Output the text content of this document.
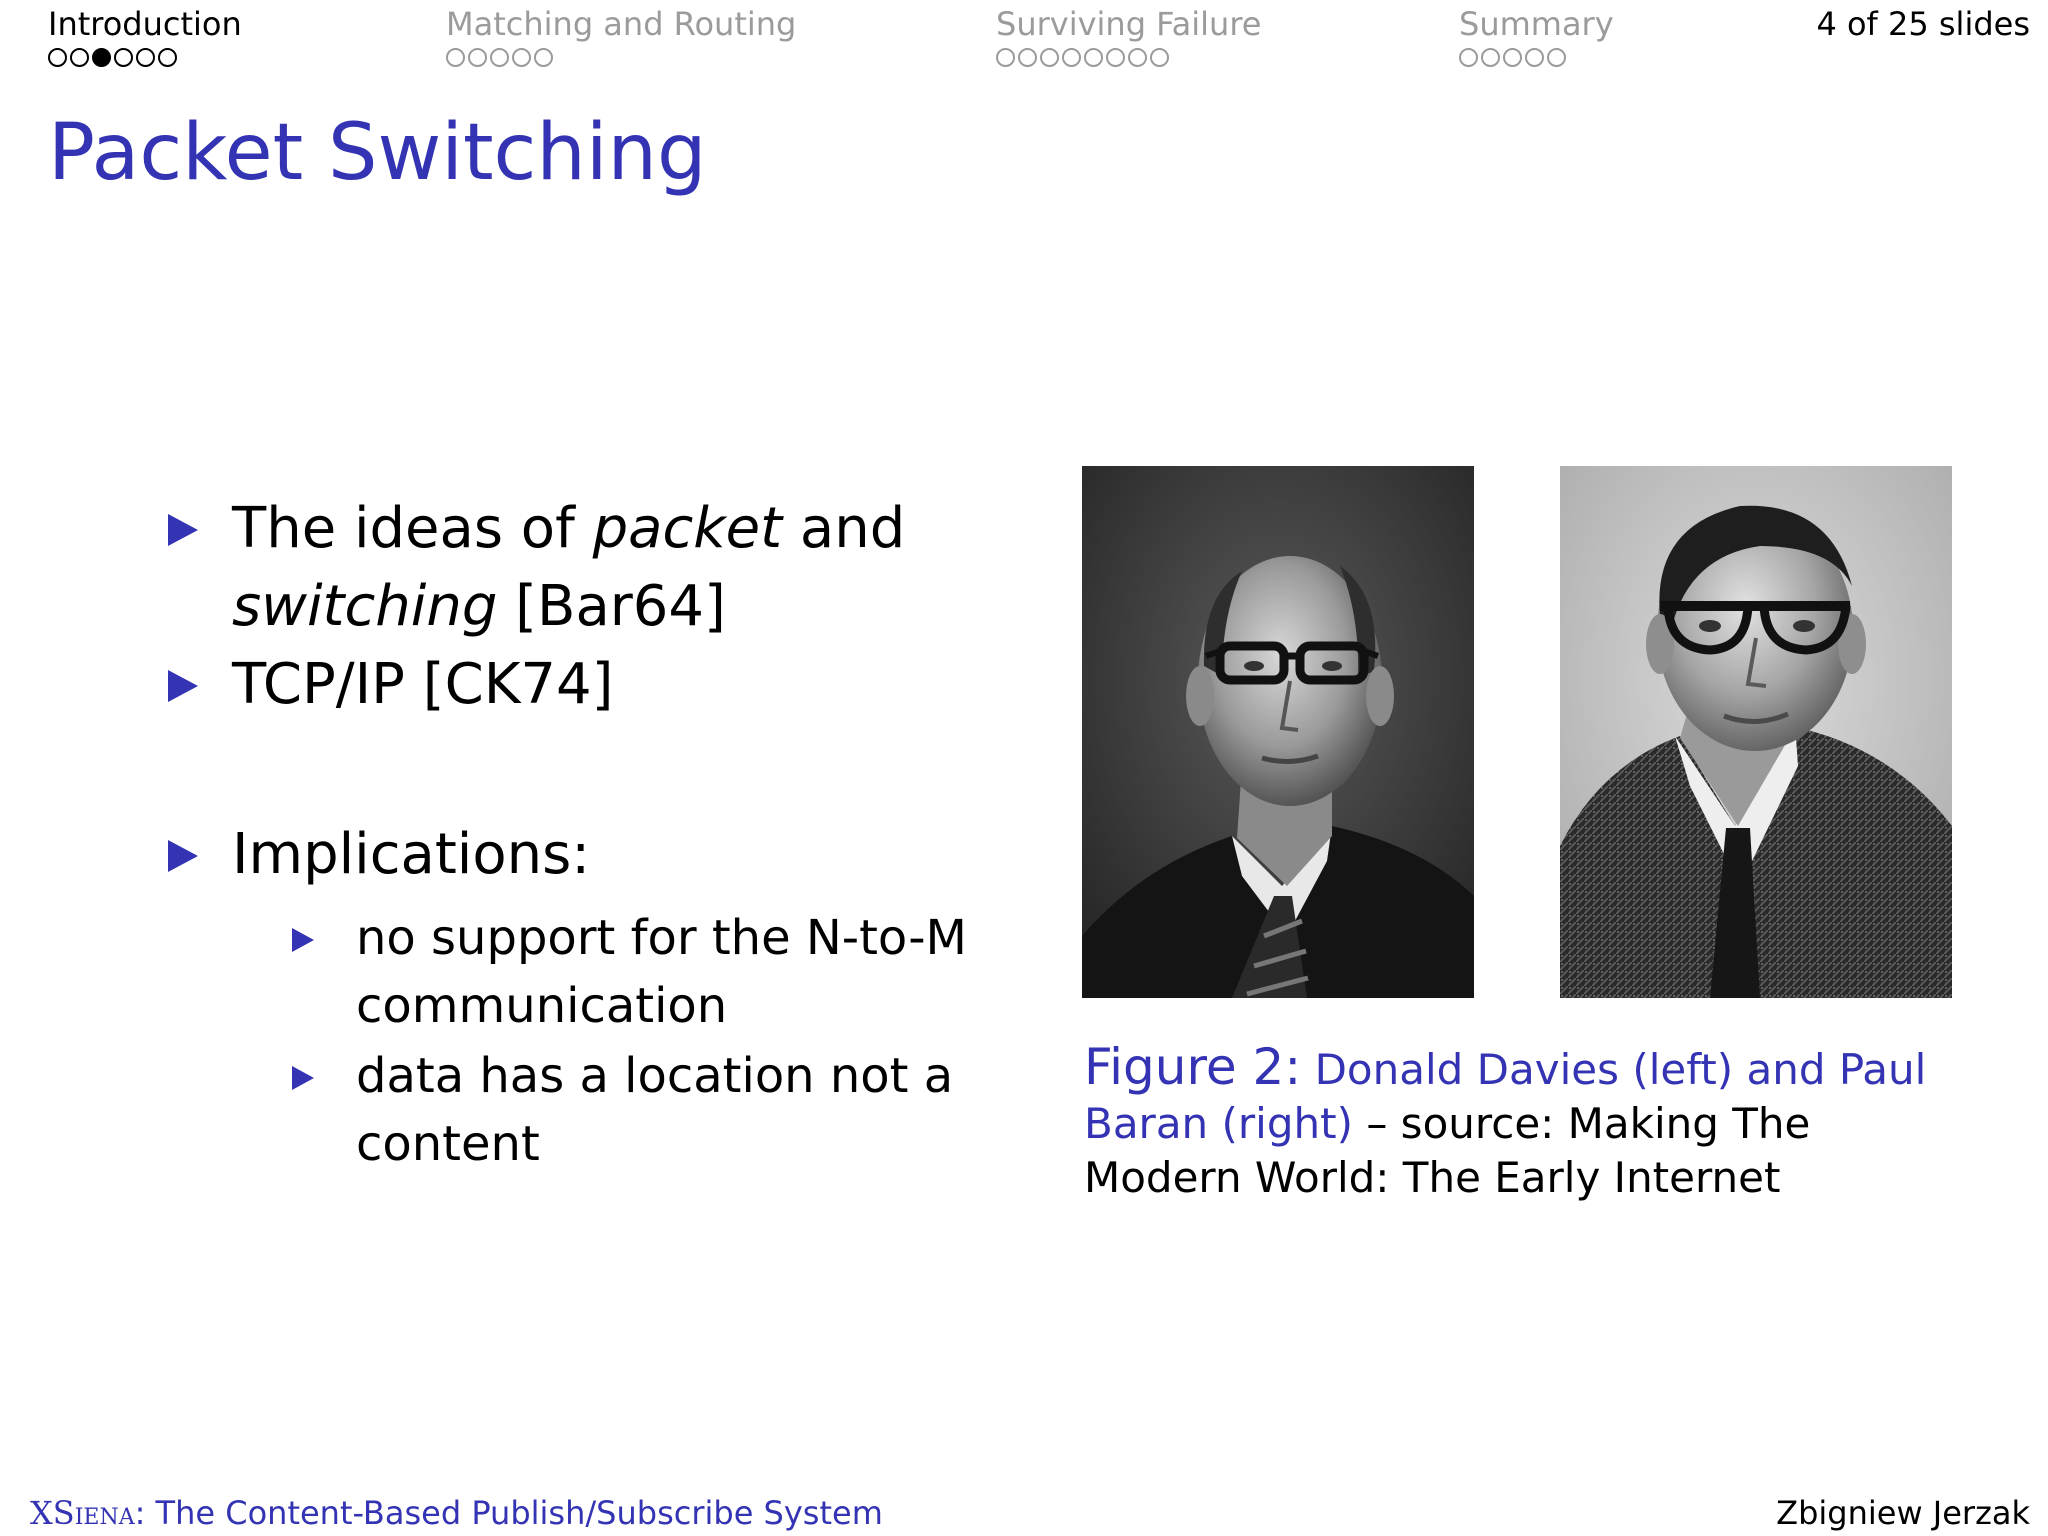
Introduction	Matching and Routing	Surviving Failure	Summary	4 of 25 slides
Packet Switching
The ideas of packet and
switching [Bar64]
TCP/IP [CK74]
Implications:
no support for the N-to-M
communication
data has a location not a
content
Figure 2: Donald Davies (left) and Paul
Baran (right) – source: Making The
Modern World: The Early Internet
XSiena: The Content-Based Publish/Subscribe System	Zbigniew Jerzak
